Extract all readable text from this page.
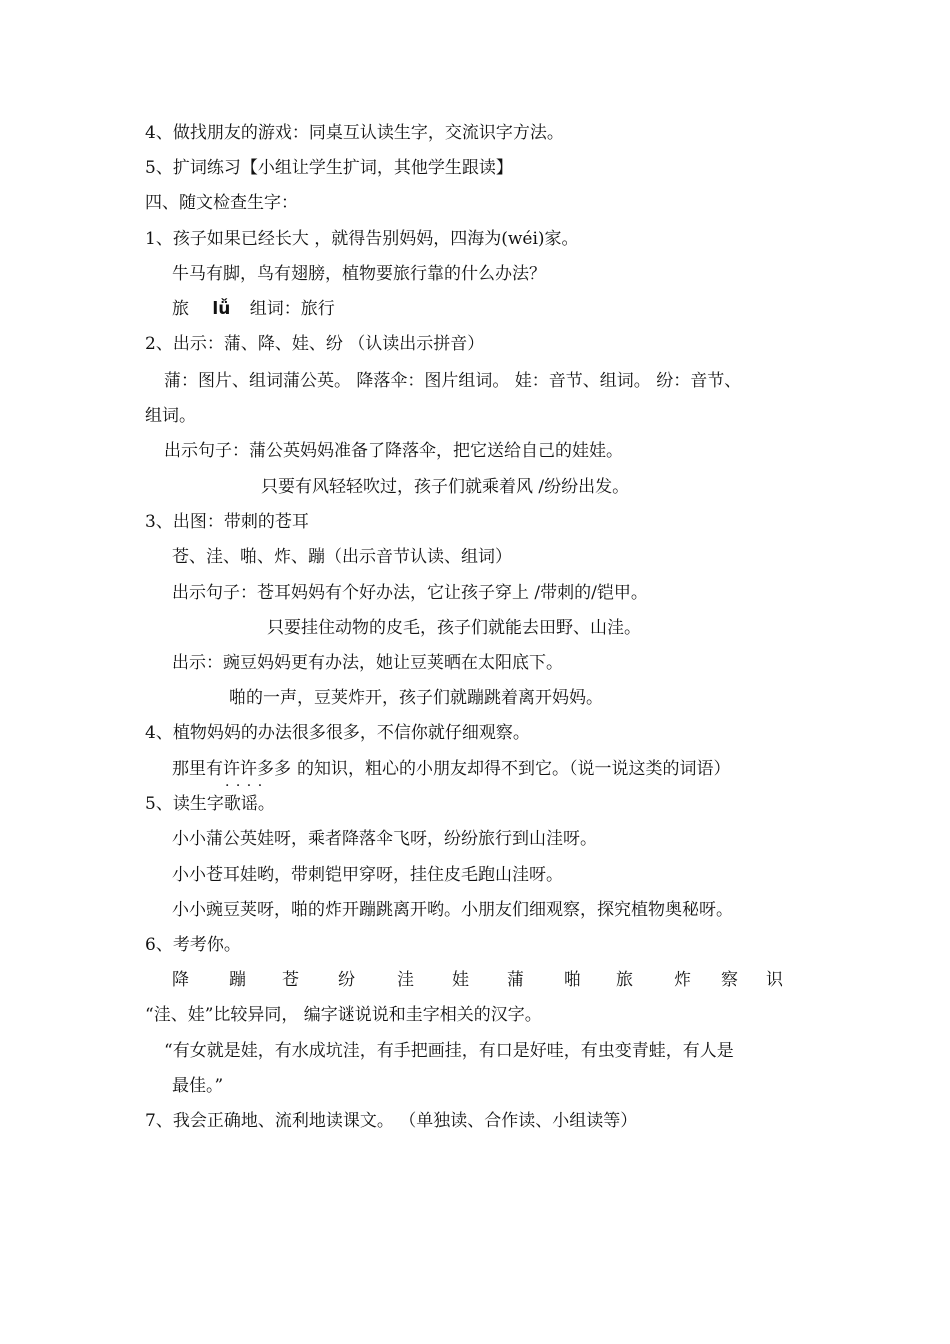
4、做找朋友的游戏：同桌互认读生字，交流识字方法。
5、扩词练习【小组让学生扩词，其他学生跟读】
四、随文检查生字：
1、孩子如果已经长大 ，就得告别妈妈，四海为(wéi)家。
牛马有脚，鸟有翅膀，植物要旅行靠的什么办法？
旅 lǚ 组词：旅行
2、出示：蒲、降、娃、纷 （认读出示拼音）
蒲：图片、组词蒲公英。 降落伞：图片组词。 娃：音节、组词。 纷：音节、
组词。
出示句子：蒲公英妈妈准备了降落伞，把它送给自己的娃娃。
只要有风轻轻吹过，孩子们就乘着风 /纷纷出发。
3、出图：带刺的苍耳
苍、洼、啪、炸、蹦（出示音节认读、组词）
出示句子：苍耳妈妈有个好办法，它让孩子穿上 /带刺的/铠甲。
只要挂住动物的皮毛，孩子们就能去田野、山洼。
出示：豌豆妈妈更有办法，她让豆荚晒在太阳底下。
啪的一声，豆荚炸开，孩子们就蹦跳着离开妈妈。
4、植物妈妈的办法很多很多，不信你就仔细观察。
那里有许许多多 · · · · 的知识，粗心的小朋友却得不到它。（说一说这类的词语）
5、读生字歌谣。
小小蒲公英娃呀，乘者降落伞飞呀，纷纷旅行到山洼呀。
小小苍耳娃哟，带刺铠甲穿呀，挂住皮毛跑山洼呀。
小小豌豆荚呀，啪的炸开蹦跳离开哟。小朋友们细观察，探究植物奥秘呀。
6、考考你。
降 蹦 苍 纷 洼 娃 蒲 啪 旅 炸 察 识
“洼、娃”比较异同， 编字谜说说和圭字相关的汉字。
“有女就是娃，有水成坑洼，有手把画挂，有口是好哇，有虫变青蛙，有人是
最佳。”
7、我会正确地、流利地读课文。 （单独读、合作读、小组读等）
